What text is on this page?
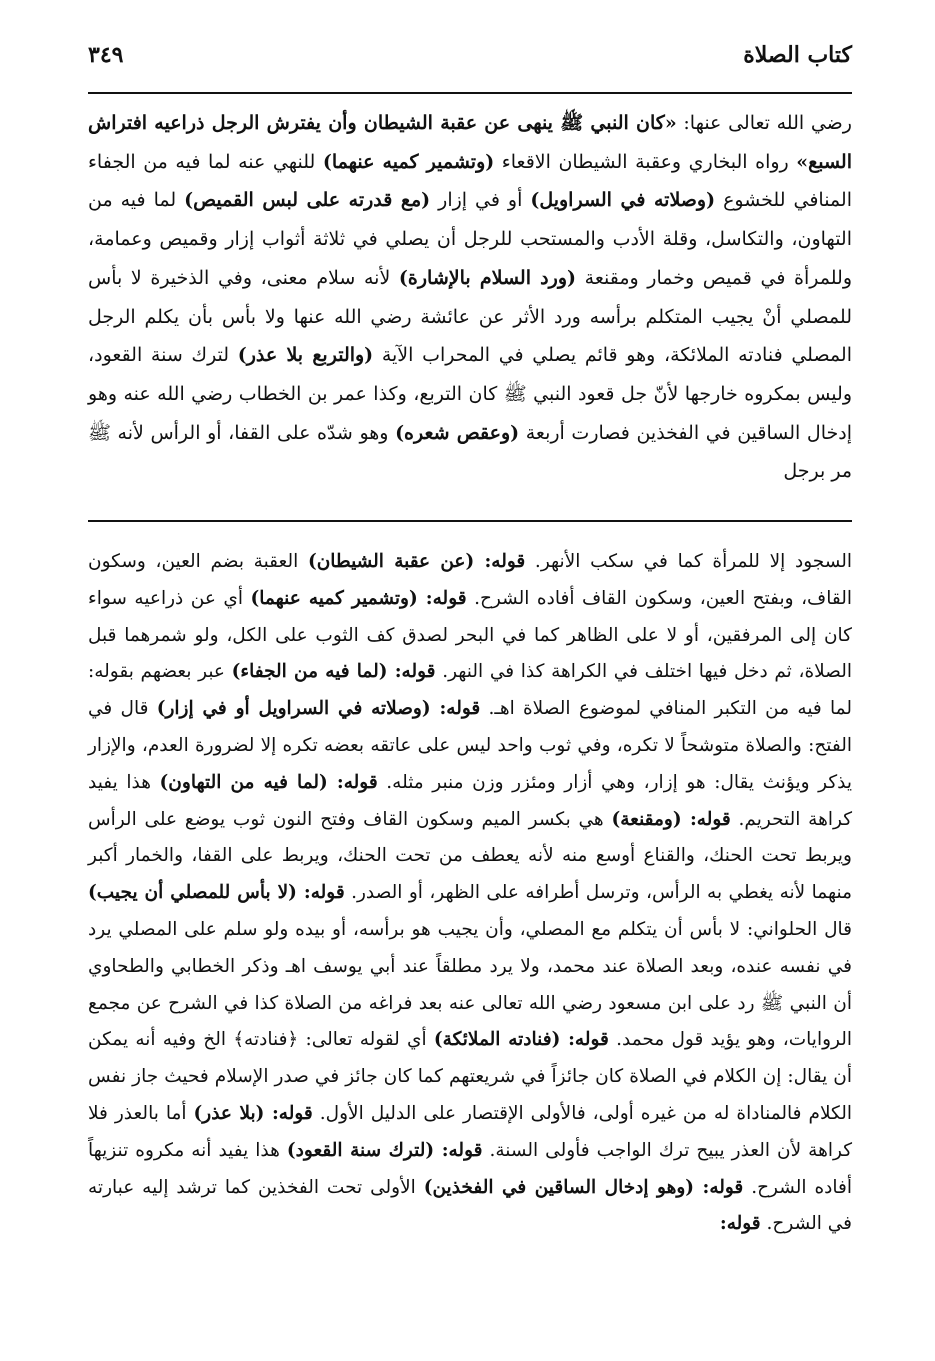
كتاب الصلاة
٣٤٩

رضي الله تعالى عنها: «كان النبي ﷺ ينهى عن عقبة الشيطان وأن يفترش الرجل ذراعيه افتراش السبع» رواه البخاري وعقبة الشيطان الاقعاء (وتشمير كميه عنهما) للنهي عنه لما فيه من الجفاء المنافي للخشوع (وصلاته في السراويل) أو في إزار (مع قدرته على لبس القميص) لما فيه من التهاون، والتكاسل، وقلة الأدب والمستحب للرجل أن يصلي في ثلاثة أثواب إزار وقميص وعمامة، وللمرأة في قميص وخمار ومقنعة (ورد السلام بالإشارة) لأنه سلام معنى، وفي الذخيرة لا بأس للمصلي أنْ يجيب المتكلم برأسه ورد الأثر عن عائشة رضي الله عنها ولا بأس بأن يكلم الرجل المصلي فنادته الملائكة، وهو قائم يصلي في المحراب الآية (والتربع بلا عذر) لترك سنة القعود، وليس بمكروه خارجها لأنّ جل قعود النبي ﷺ كان التربع، وكذا عمر بن الخطاب رضي الله عنه وهو إدخال الساقين في الفخذين فصارت أربعة (وعقص شعره) وهو شدّه على القفا، أو الرأس لأنه ﷺ مر برجل

السجود إلا للمرأة كما في سكب الأنهر. قوله: (عن عقبة الشيطان) العقبة بضم العين، وسكون القاف، وبفتح العين، وسكون القاف أفاده الشرح. قوله: (وتشمير كميه عنهما) أي عن ذراعيه سواء كان إلى المرفقين، أو لا على الظاهر كما في البحر لصدق كف الثوب على الكل، ولو شمرهما قبل الصلاة، ثم دخل فيها اختلف في الكراهة كذا في النهر. قوله: (لما فيه من الجفاء) عبر بعضهم بقوله: لما فيه من التكبر المنافي لموضوع الصلاة اهـ. قوله: (وصلاته في السراويل أو في إزار) قال في الفتح: والصلاة متوشحاً لا تكره، وفي ثوب واحد ليس على عاتقه بعضه تكره إلا لضرورة العدم، والإزار يذكر ويؤنث يقال: هو إزار، وهي أزار ومئزر وزن منبر مثله. قوله: (لما فيه من التهاون) هذا يفيد كراهة التحريم. قوله: (ومقنعة) هي بكسر الميم وسكون القاف وفتح النون ثوب يوضع على الرأس ويربط تحت الحنك، والقناع أوسع منه لأنه يعطف من تحت الحنك، ويربط على القفا، والخمار أكبر منهما لأنه يغطي به الرأس، وترسل أطرافه على الظهر، أو الصدر. قوله: (لا بأس للمصلي أن يجيب) قال الحلواني: لا بأس أن يتكلم مع المصلي، وأن يجيب هو برأسه، أو بيده ولو سلم على المصلي يرد في نفسه عنده، وبعد الصلاة عند محمد، ولا يرد مطلقاً عند أبي يوسف اهـ وذكر الخطابي والطحاوي أن النبي ﷺ رد على ابن مسعود رضي الله تعالى عنه بعد فراغه من الصلاة كذا في الشرح عن مجمع الروايات، وهو يؤيد قول محمد. قوله: (فنادته الملائكة) أي لقوله تعالى: ﴿فنادته﴾ الخ وفيه أنه يمكن أن يقال: إن الكلام في الصلاة كان جائزاً في شريعتهم كما كان جائز في صدر الإسلام فحيث جاز نفس الكلام فالمناداة له من غيره أولى، فالأولى الإقتصار على الدليل الأول. قوله: (بلا عذر) أما بالعذر فلا كراهة لأن العذر يبيح ترك الواجب فأولى السنة. قوله: (لترك سنة القعود) هذا يفيد أنه مكروه تنزيهاً أفاده الشرح. قوله: (وهو إدخال الساقين في الفخذين) الأولى تحت الفخذين كما ترشد إليه عبارته في الشرح. قوله:
